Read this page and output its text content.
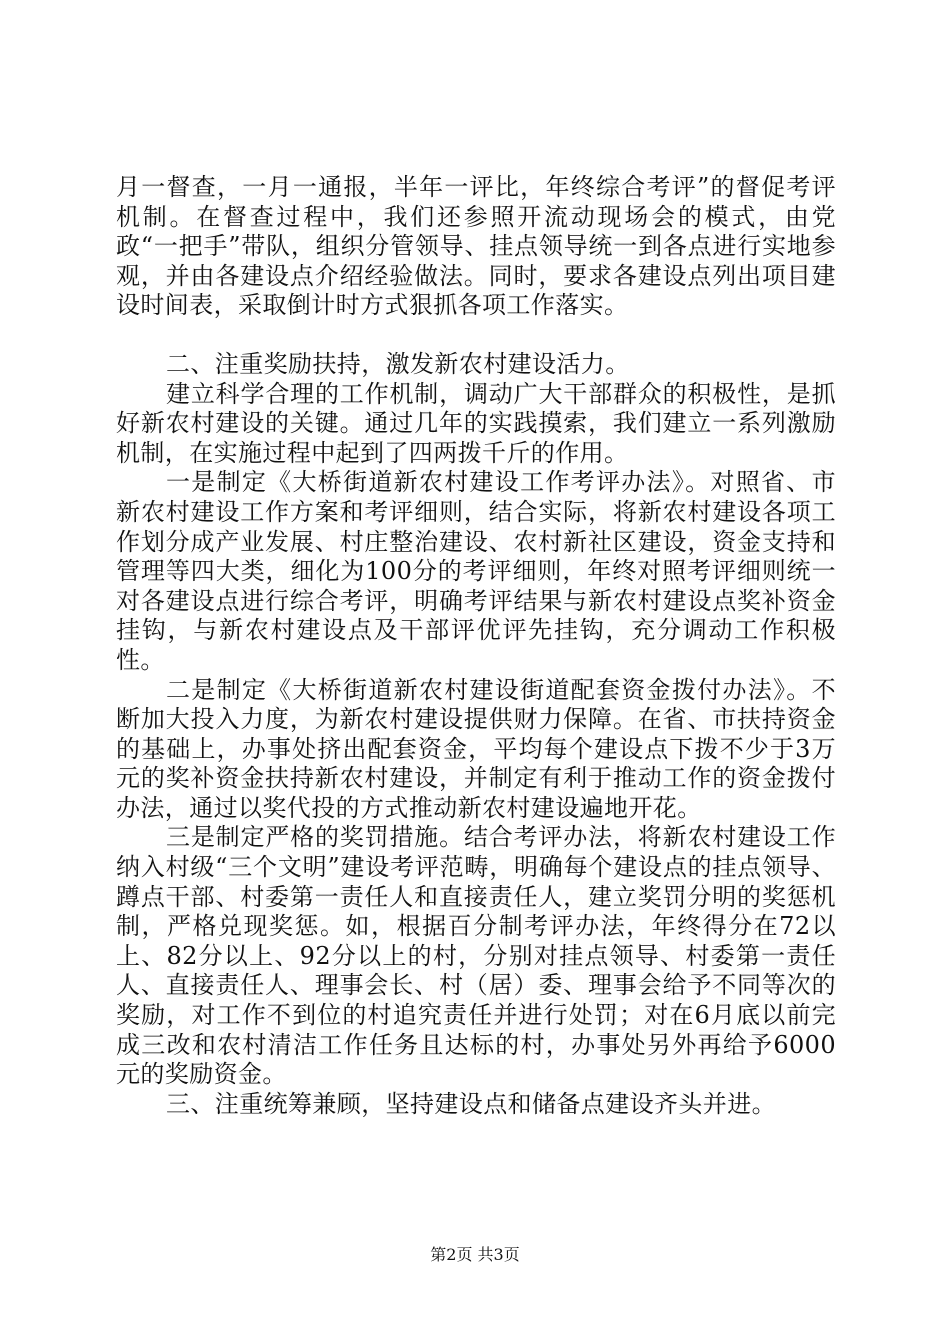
月一督查，一月一通报，半年一评比，年终综合考评”的督促考评机制。在督查过程中，我们还参照开流动现场会的模式，由党政“一把手”带队，组织分管领导、挂点领导统一到各点进行实地参观，并由各建设点介绍经验做法。同时，要求各建设点列出项目建设时间表，采取倒计时方式狠抓各项工作落实。

二、注重奖励扶持，激发新农村建设活力。

建立科学合理的工作机制，调动广大干部群众的积极性，是抓好新农村建设的关键。通过几年的实践摸索，我们建立一系列激励机制，在实施过程中起到了四两拨千斤的作用。

一是制定《大桥街道新农村建设工作考评办法》。对照省、市新农村建设工作方案和考评细则，结合实际，将新农村建设各项工作划分成产业发展、村庄整治建设、农村新社区建设，资金支持和管理等四大类，细化为100分的考评细则，年终对照考评细则统一对各建设点进行综合考评，明确考评结果与新农村建设点奖补资金挂钩，与新农村建设点及干部评优评先挂钩，充分调动工作积极性。

二是制定《大桥街道新农村建设街道配套资金拨付办法》。不断加大投入力度，为新农村建设提供财力保障。在省、市扶持资金的基础上，办事处挤出配套资金，平均每个建设点下拨不少于3万元的奖补资金扶持新农村建设，并制定有利于推动工作的资金拨付办法，通过以奖代投的方式推动新农村建设遍地开花。

三是制定严格的奖罚措施。结合考评办法，将新农村建设工作纳入村级“三个文明”建设考评范畴，明确每个建设点的挂点领导、蹲点干部、村委第一责任人和直接责任人，建立奖罚分明的奖惩机制，严格兑现奖惩。如，根据百分制考评办法，年终得分在72以上、82分以上、92分以上的村，分别对挂点领导、村委第一责任人、直接责任人、理事会长、村（居）委、理事会给予不同等次的奖励，对工作不到位的村追究责任并进行处罚；对在6月底以前完成三改和农村清洁工作任务且达标的村，办事处另外再给予6000元的奖励资金。

三、注重统筹兼顾，坚持建设点和储备点建设齐头并进。

第2页 共3页
